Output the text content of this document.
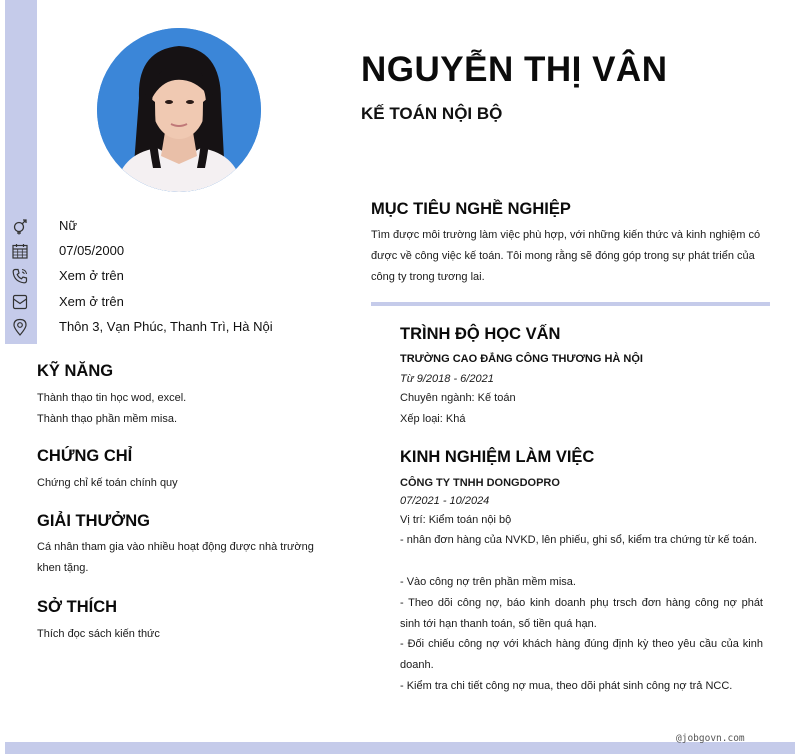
NGUYỄN THỊ VÂN
KẾ TOÁN NỘI BỘ
Nữ
07/05/2000
Xem ở trên
Xem ở trên
Thôn 3, Vạn Phúc, Thanh Trì, Hà Nội
KỸ NĂNG
Thành thạo tin học wod, excel.
Thành thạo phần mềm misa.
CHỨNG CHỈ
Chứng chỉ kế toán chính quy
GIẢI THƯỞNG
Cá nhân tham gia vào nhiều hoạt động được nhà trường khen tặng.
SỞ THÍCH
Thích đọc sách kiến thức
MỤC TIÊU NGHỀ NGHIỆP
Tìm được môi trường làm việc phù hợp, với những kiến thức và kinh nghiệm có được về công việc kế toán. Tôi mong rằng sẽ đóng góp trong sự phát triển của công ty trong tương lai.
TRÌNH ĐỘ HỌC VẤN
TRƯỜNG CAO ĐẲNG CÔNG THƯƠNG HÀ NỘI
Từ 9/2018 - 6/2021
Chuyên ngành: Kế toán
Xếp loại: Khá
KINH NGHIỆM LÀM VIỆC
CÔNG TY TNHH DONGDOPRO
07/2021 - 10/2024
Vị trí: Kiểm toán nội bộ
- nhân đơn hàng của NVKD, lên phiếu, ghi sổ, kiểm tra chứng từ kế toán.
- Vào công nợ trên phần mềm misa.
- Theo dõi công nợ, báo kinh doanh phụ trsch đơn hàng công nợ phát sinh tới hạn thanh toán, số tiền quá hạn.
- Đối chiếu công nợ với khách hàng đúng định kỳ theo yêu cầu của kinh doanh.
- Kiểm tra chi tiết công nợ mua, theo dõi phát sinh công nợ trả NCC.
@jobgovn.com
